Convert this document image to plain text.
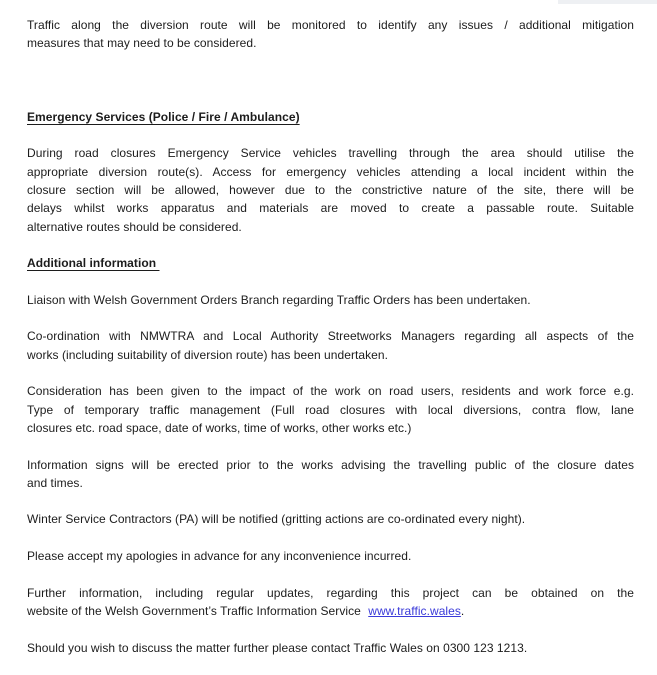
Traffic along the diversion route will be monitored to identify any issues / additional mitigation
measures that may need to be considered.
Emergency Services (Police / Fire / Ambulance)
During road closures Emergency Service vehicles travelling through the area should utilise the
appropriate diversion route(s). Access for emergency vehicles attending a local incident within the
closure section will be allowed, however due to the constrictive nature of the site, there will be
delays whilst works apparatus and materials are moved to create a passable route. Suitable
alternative routes should be considered.
Additional information
Liaison with Welsh Government Orders Branch regarding Traffic Orders has been undertaken.
Co-ordination with NMWTRA and Local Authority Streetworks Managers regarding all aspects of the
works (including suitability of diversion route) has been undertaken.
Consideration has been given to the impact of the work on road users, residents and work force e.g.
Type of temporary traffic management (Full road closures with local diversions, contra flow, lane
closures etc. road space, date of works, time of works, other works etc.)
Information signs will be erected prior to the works advising the travelling public of the closure dates
and times.
Winter Service Contractors (PA) will be notified (gritting actions are co-ordinated every night).
Please accept my apologies in advance for any inconvenience incurred.
Further information, including regular updates, regarding this project can be obtained on the
website of the Welsh Government’s Traffic Information Service www.traffic.wales.
Should you wish to discuss the matter further please contact Traffic Wales on 0300 123 1213.
